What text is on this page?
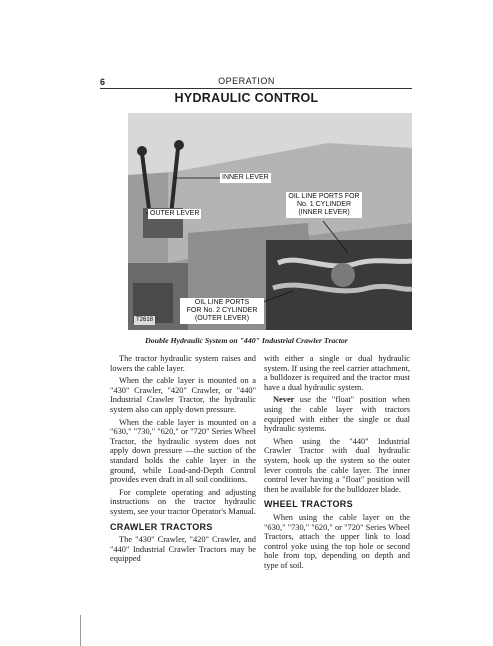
6	OPERATION
HYDRAULIC CONTROL
INNER LEVER
OUTER LEVER
OIL LINE PORTS FOR
No. 1 CYLINDER
(INNER LEVER)
OIL LINE PORTS
FOR No. 2 CYLINDER
(OUTER LEVER)
T2618
Double Hydraulic System on "440" Industrial Crawler Tractor

The tractor hydraulic system raises and lowers the cable layer.

When the cable layer is mounted on a "430" Crawler, "420" Crawler, or "440" Industrial Crawler Tractor, the hydraulic system also can apply down pressure.

When the cable layer is mounted on a "630," "730," "620," or "720" Series Wheel Tractor, the hydraulic system does not apply down pressure —the suction of the standard holds the cable layer in the ground, while Load-and-Depth Control provides even draft in all soil conditions.

For complete operating and adjusting instructions on the tractor hydraulic system, see your tractor Operator's Manual.

CRAWLER TRACTORS

The "430" Crawler, "420" Crawler, and "440" Industrial Crawler Tractors may be equipped

with either a single or dual hydraulic system. If using the reel carrier attachment, a bulldozer is required and the tractor must have a dual hydraulic system.

Never use the "float" position when using the cable layer with tractors equipped with either the single or dual hydraulic systems.

When using the "440" Industrial Crawler Tractor with dual hydraulic system, hook up the system so the outer lever controls the cable layer. The inner control lever having a "float" position will then be available for the bulldozer blade.

WHEEL TRACTORS

When using the cable layer on the "630," "730," "620," or "720" Series Wheel Tractors, attach the upper link to load control yoke using the top hole or second hole from top, depending on depth and type of soil.
